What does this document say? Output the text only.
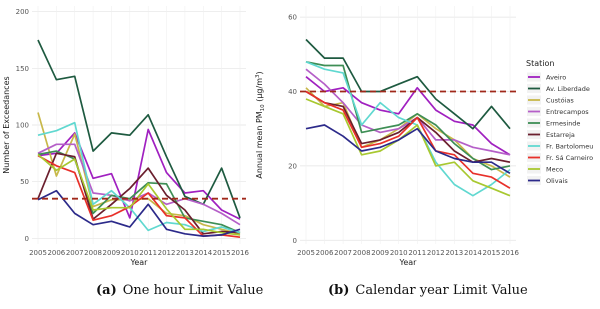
0
50
100
150
200
2005 2006 2007 2008 2009 2010 2011 2012 2013 2014 2015 2016
Year
Number of Exceedances
0
20
40
60
2005 2006 2007 2008 2009 2010 2011 2012 2013 2014 2015 2016
Year
Annual mean $PM_{10}$ $(\mu g/m^3)$
Station
Aveiro
Av. Liberdade
Custóias
Entrecampos
Ermesinde
Estarreja
Fr. Bartolomeu
Fr. Sá Carneiro
Meco
Olivais
(a) One hour Limit Value	(b) Calendar year Limit Value
